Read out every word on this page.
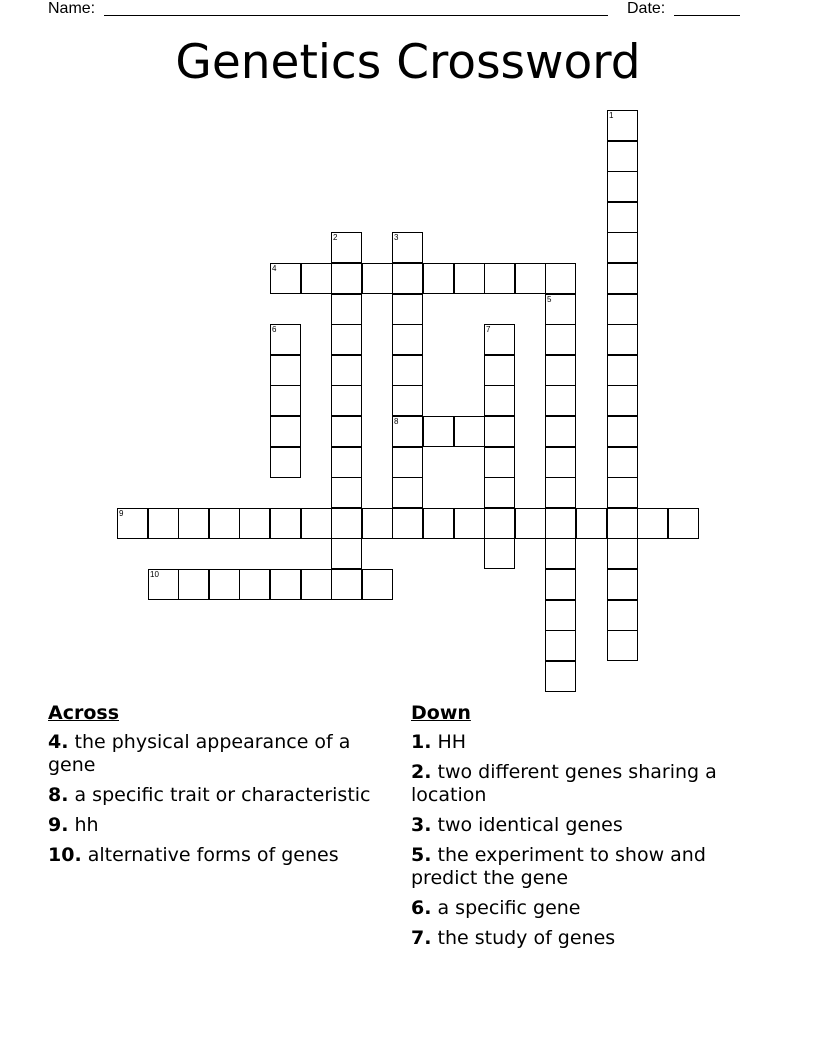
Name:	Date:
Genetics Crossword
1
2	3
8
4
5
6	7
9
10
Across
4. the physical appearance of a gene
8. a specific trait or characteristic
9. hh
10. alternative forms of genes
Down
1. HH
2. two different genes sharing a location
3. two identical genes
5. the experiment to show and predict the gene
6. a specific gene
7. the study of genes
